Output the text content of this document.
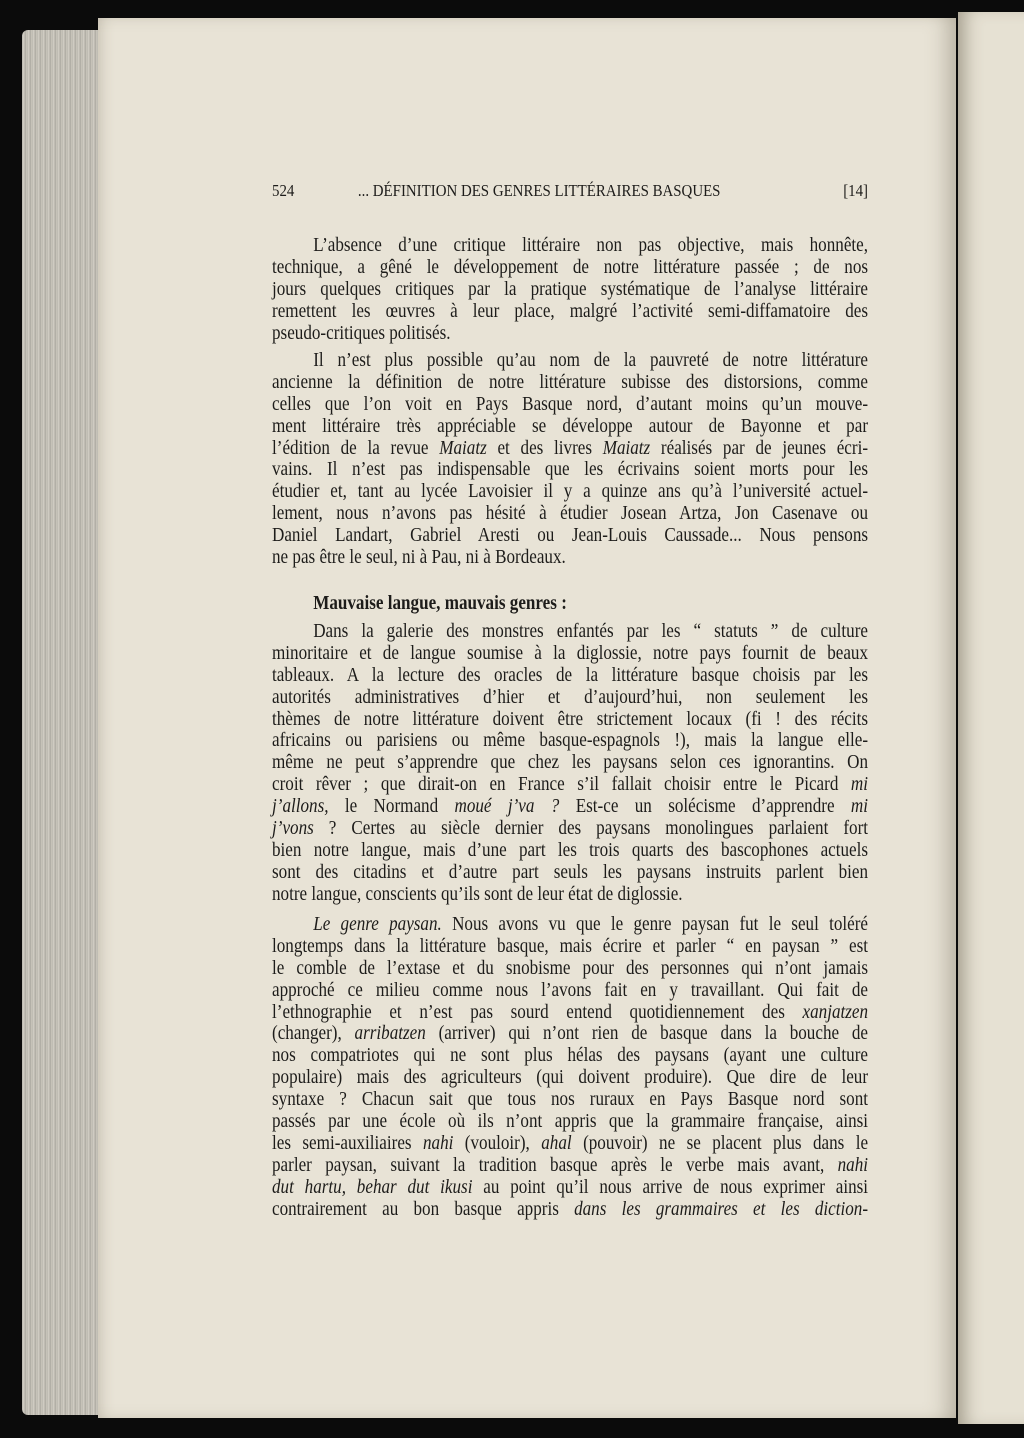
524	... DÉFINITION DES GENRES LITTÉRAIRES BASQUES	[14]
L’absence d’une critique littéraire non pas objective, mais honnête,
technique, a gêné le développement de notre littérature passée ; de nos
jours quelques critiques par la pratique systématique de l’analyse littéraire
remettent les œuvres à leur place, malgré l’activité semi-diffamatoire des
pseudo-critiques politisés.
Il n’est plus possible qu’au nom de la pauvreté de notre littérature
ancienne la définition de notre littérature subisse des distorsions, comme
celles que l’on voit en Pays Basque nord, d’autant moins qu’un mouve-
ment littéraire très appréciable se développe autour de Bayonne et par
l’édition de la revue Maiatz et des livres Maiatz réalisés par de jeunes écri-
vains. Il n’est pas indispensable que les écrivains soient morts pour les
étudier et, tant au lycée Lavoisier il y a quinze ans qu’à l’université actuel-
lement, nous n’avons pas hésité à étudier Josean Artza, Jon Casenave ou
Daniel Landart, Gabriel Aresti ou Jean-Louis Caussade... Nous pensons
ne pas être le seul, ni à Pau, ni à Bordeaux.
Mauvaise langue, mauvais genres :
Dans la galerie des monstres enfantés par les “ statuts ” de culture
minoritaire et de langue soumise à la diglossie, notre pays fournit de beaux
tableaux. A la lecture des oracles de la littérature basque choisis par les
autorités administratives d’hier et d’aujourd’hui, non seulement les
thèmes de notre littérature doivent être strictement locaux (fi ! des récits
africains ou parisiens ou même basque-espagnols !), mais la langue elle-
même ne peut s’apprendre que chez les paysans selon ces ignorantins. On
croit rêver ; que dirait-on en France s’il fallait choisir entre le Picard mi
j’allons, le Normand moué j’va ? Est-ce un solécisme d’apprendre mi
j’vons ? Certes au siècle dernier des paysans monolingues parlaient fort
bien notre langue, mais d’une part les trois quarts des bascophones actuels
sont des citadins et d’autre part seuls les paysans instruits parlent bien
notre langue, conscients qu’ils sont de leur état de diglossie.
Le genre paysan. Nous avons vu que le genre paysan fut le seul toléré
longtemps dans la littérature basque, mais écrire et parler “ en paysan ” est
le comble de l’extase et du snobisme pour des personnes qui n’ont jamais
approché ce milieu comme nous l’avons fait en y travaillant. Qui fait de
l’ethnographie et n’est pas sourd entend quotidiennement des xanjatzen
(changer), arribatzen (arriver) qui n’ont rien de basque dans la bouche de
nos compatriotes qui ne sont plus hélas des paysans (ayant une culture
populaire) mais des agriculteurs (qui doivent produire). Que dire de leur
syntaxe ? Chacun sait que tous nos ruraux en Pays Basque nord sont
passés par une école où ils n’ont appris que la grammaire française, ainsi
les semi-auxiliaires nahi (vouloir), ahal (pouvoir) ne se placent plus dans le
parler paysan, suivant la tradition basque après le verbe mais avant, nahi
dut hartu, behar dut ikusi au point qu’il nous arrive de nous exprimer ainsi
contrairement au bon basque appris dans les grammaires et les diction-
